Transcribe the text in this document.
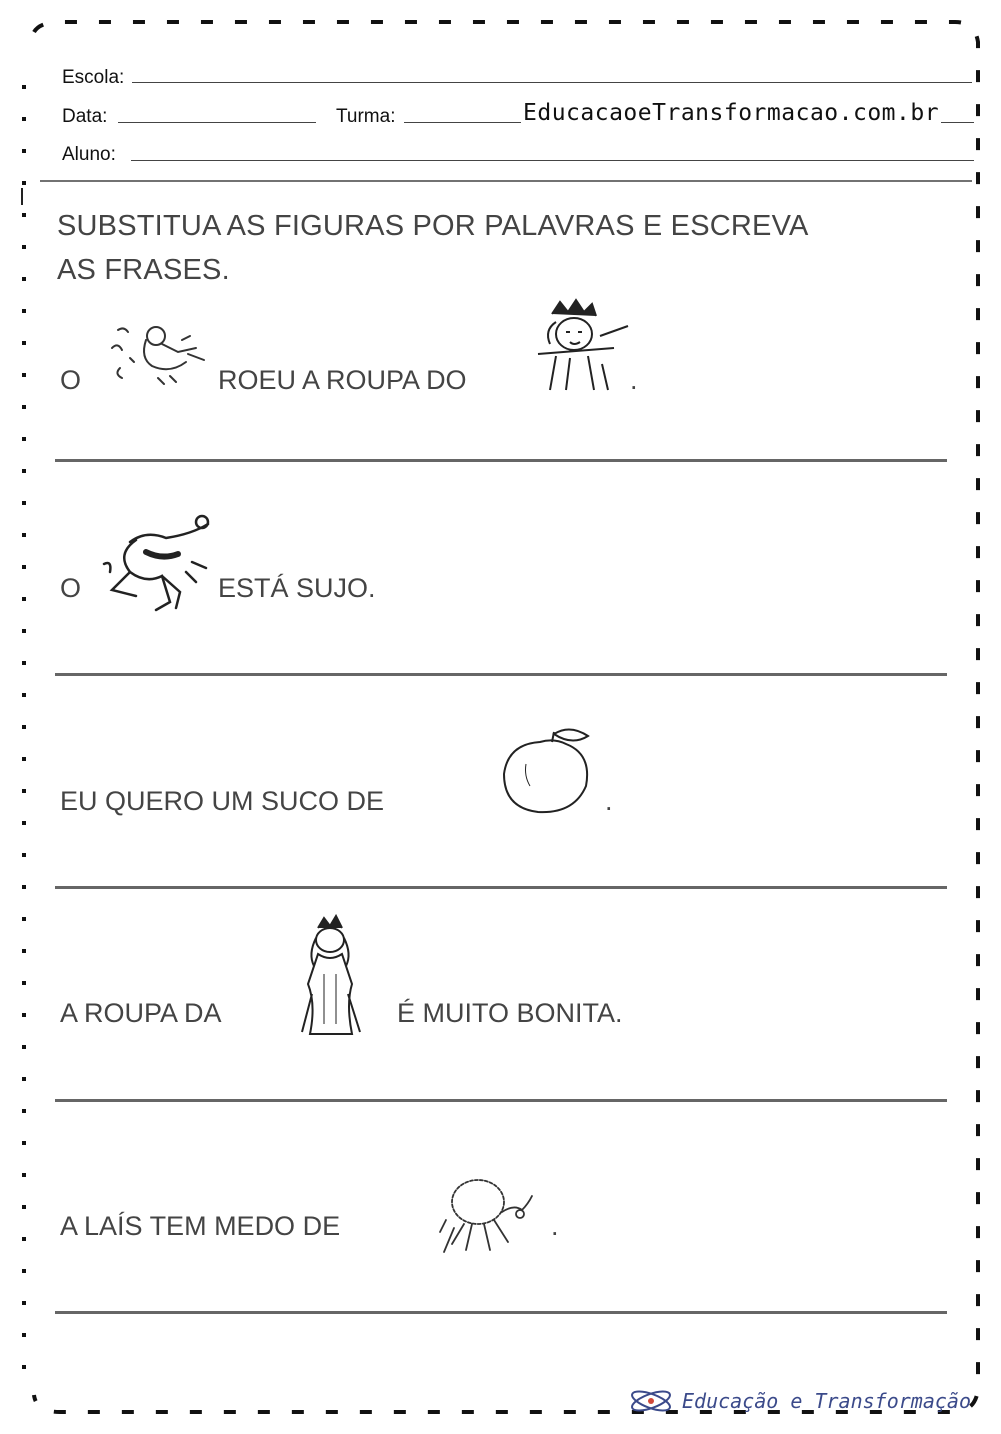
Escola:
Data:	Turma:	EducacaoeTransformacao.com.br
Aluno:
SUBSTITUA AS FIGURAS POR PALAVRAS E ESCREVA
AS FRASES.
O	ROEU A ROUPA DO	.
O	ESTÁ SUJO.
EU QUERO UM SUCO DE	.
A ROUPA DA	É MUITO BONITA.
A LAÍS TEM MEDO DE	.
Educação e Transformação
